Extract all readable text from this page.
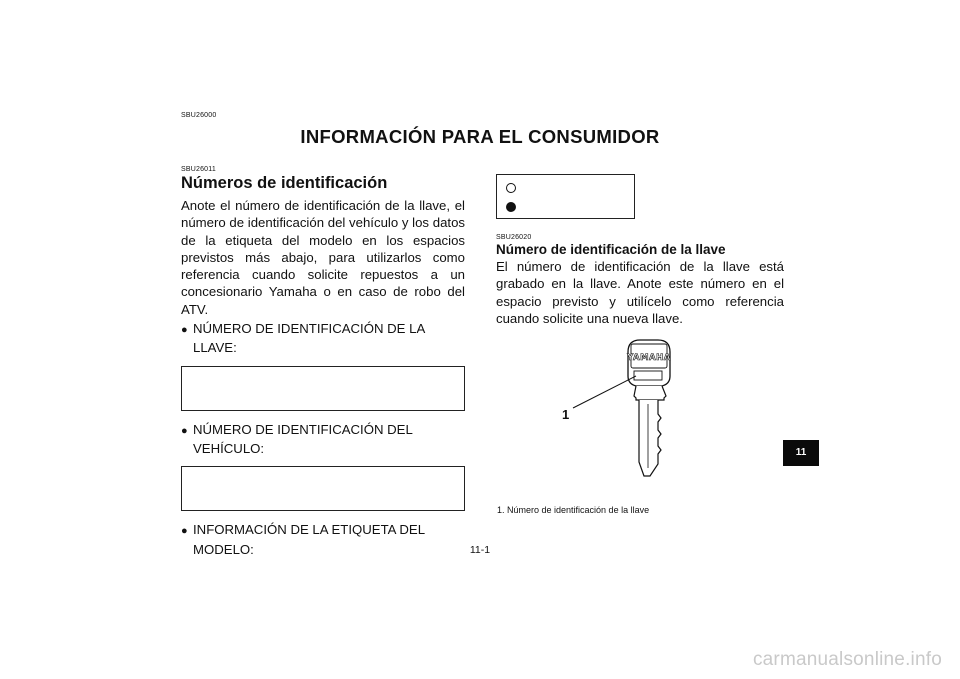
SBU26000
INFORMACIÓN PARA EL CONSUMIDOR
SBU26011
Números de identificación
Anote el número de identificación de la llave, el número de identificación del vehículo y los datos de la etiqueta del modelo en los espacios previstos más abajo, para utilizarlos como referencia cuando solicite repuestos a un concesionario Yamaha o en caso de robo del ATV.
● NÚMERO DE IDENTIFICACIÓN DE LA LLAVE:
● NÚMERO DE IDENTIFICACIÓN DEL VEHÍCULO:
● INFORMACIÓN DE LA ETIQUETA DEL MODELO:
SBU26020
Número de identificación de la llave
El número de identificación de la llave está grabado en la llave. Anote este número en el espacio previsto y utilícelo como referencia cuando solicite una nueva llave.
YAMAHA
1
1. Número de identificación de la llave
11
11-1
carmanualsonline.info
